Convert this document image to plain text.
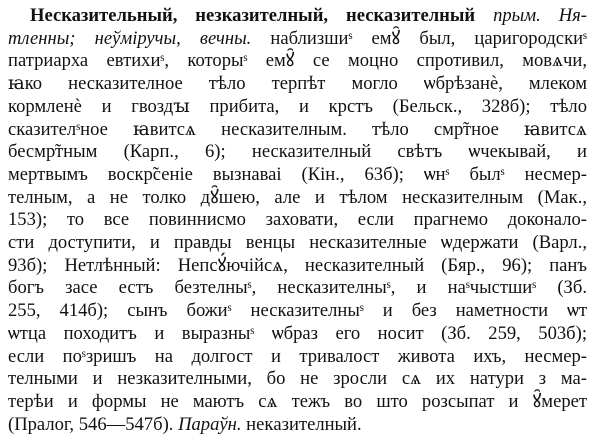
Несказительный, незказителный, несказителный прым. Ня-
тленны; неўмiручы, вечны. наблизшиˢ емꙋ̑ был, царигородскиˢ
патриарха евтихиˢ, которыˢ емꙋ̑ се моцно спротивил, мовѧчи,
ꙗко несказителное тѣло терпѣт могло ѡбрѣзанѐ, млеком
кормленѐ и гвоздꙑ прибита, и крстъ (Бельск., 328б); тѣло
сказителˢное ꙗвитсѧ несказителным. тѣло смр̃тное ꙗвитсѧ
бесмр̃тным (Карп., 6); несказителный свѣтъ ѡчекывай, и
мертвымъ воскр̃сенiе вызнаваi (Кiн., 63б); ѡнˢ былˢ несмер-
телным, а не толко дꙋ̑шею, але и тѣлом несказителным (Мак.,
153); то все повиннисмо заховати, если прагнемо доконало-
сти доступити, и правды венцы несказителные ѡдержати (Варл.,
93б); Нетлѣнный: Непсꙋ́ючiйсѧ, несказителный (Бяр., 96); панъ
богъ засе естъ безтелныˢ, несказителныˢ, и наˢчыстшиˢ (Зб.
255, 414б); сынъ божиˢ несказителныˢ и без наметности ѡт
ѡтца походитъ и вырaзныˢ ѡбраз его носит (Зб. 259, 503б);
если поˢзришъ на долгост и тривалост живота ихъ, несмер-
телными и незказителными, бо не зросли сѧ их натури з ма-
терѣи и формы не маютъ сѧ тежъ во што розсыпат и ꙋ̑мерет
(Пралог, 546—547б). Параўн. некaзителный.
